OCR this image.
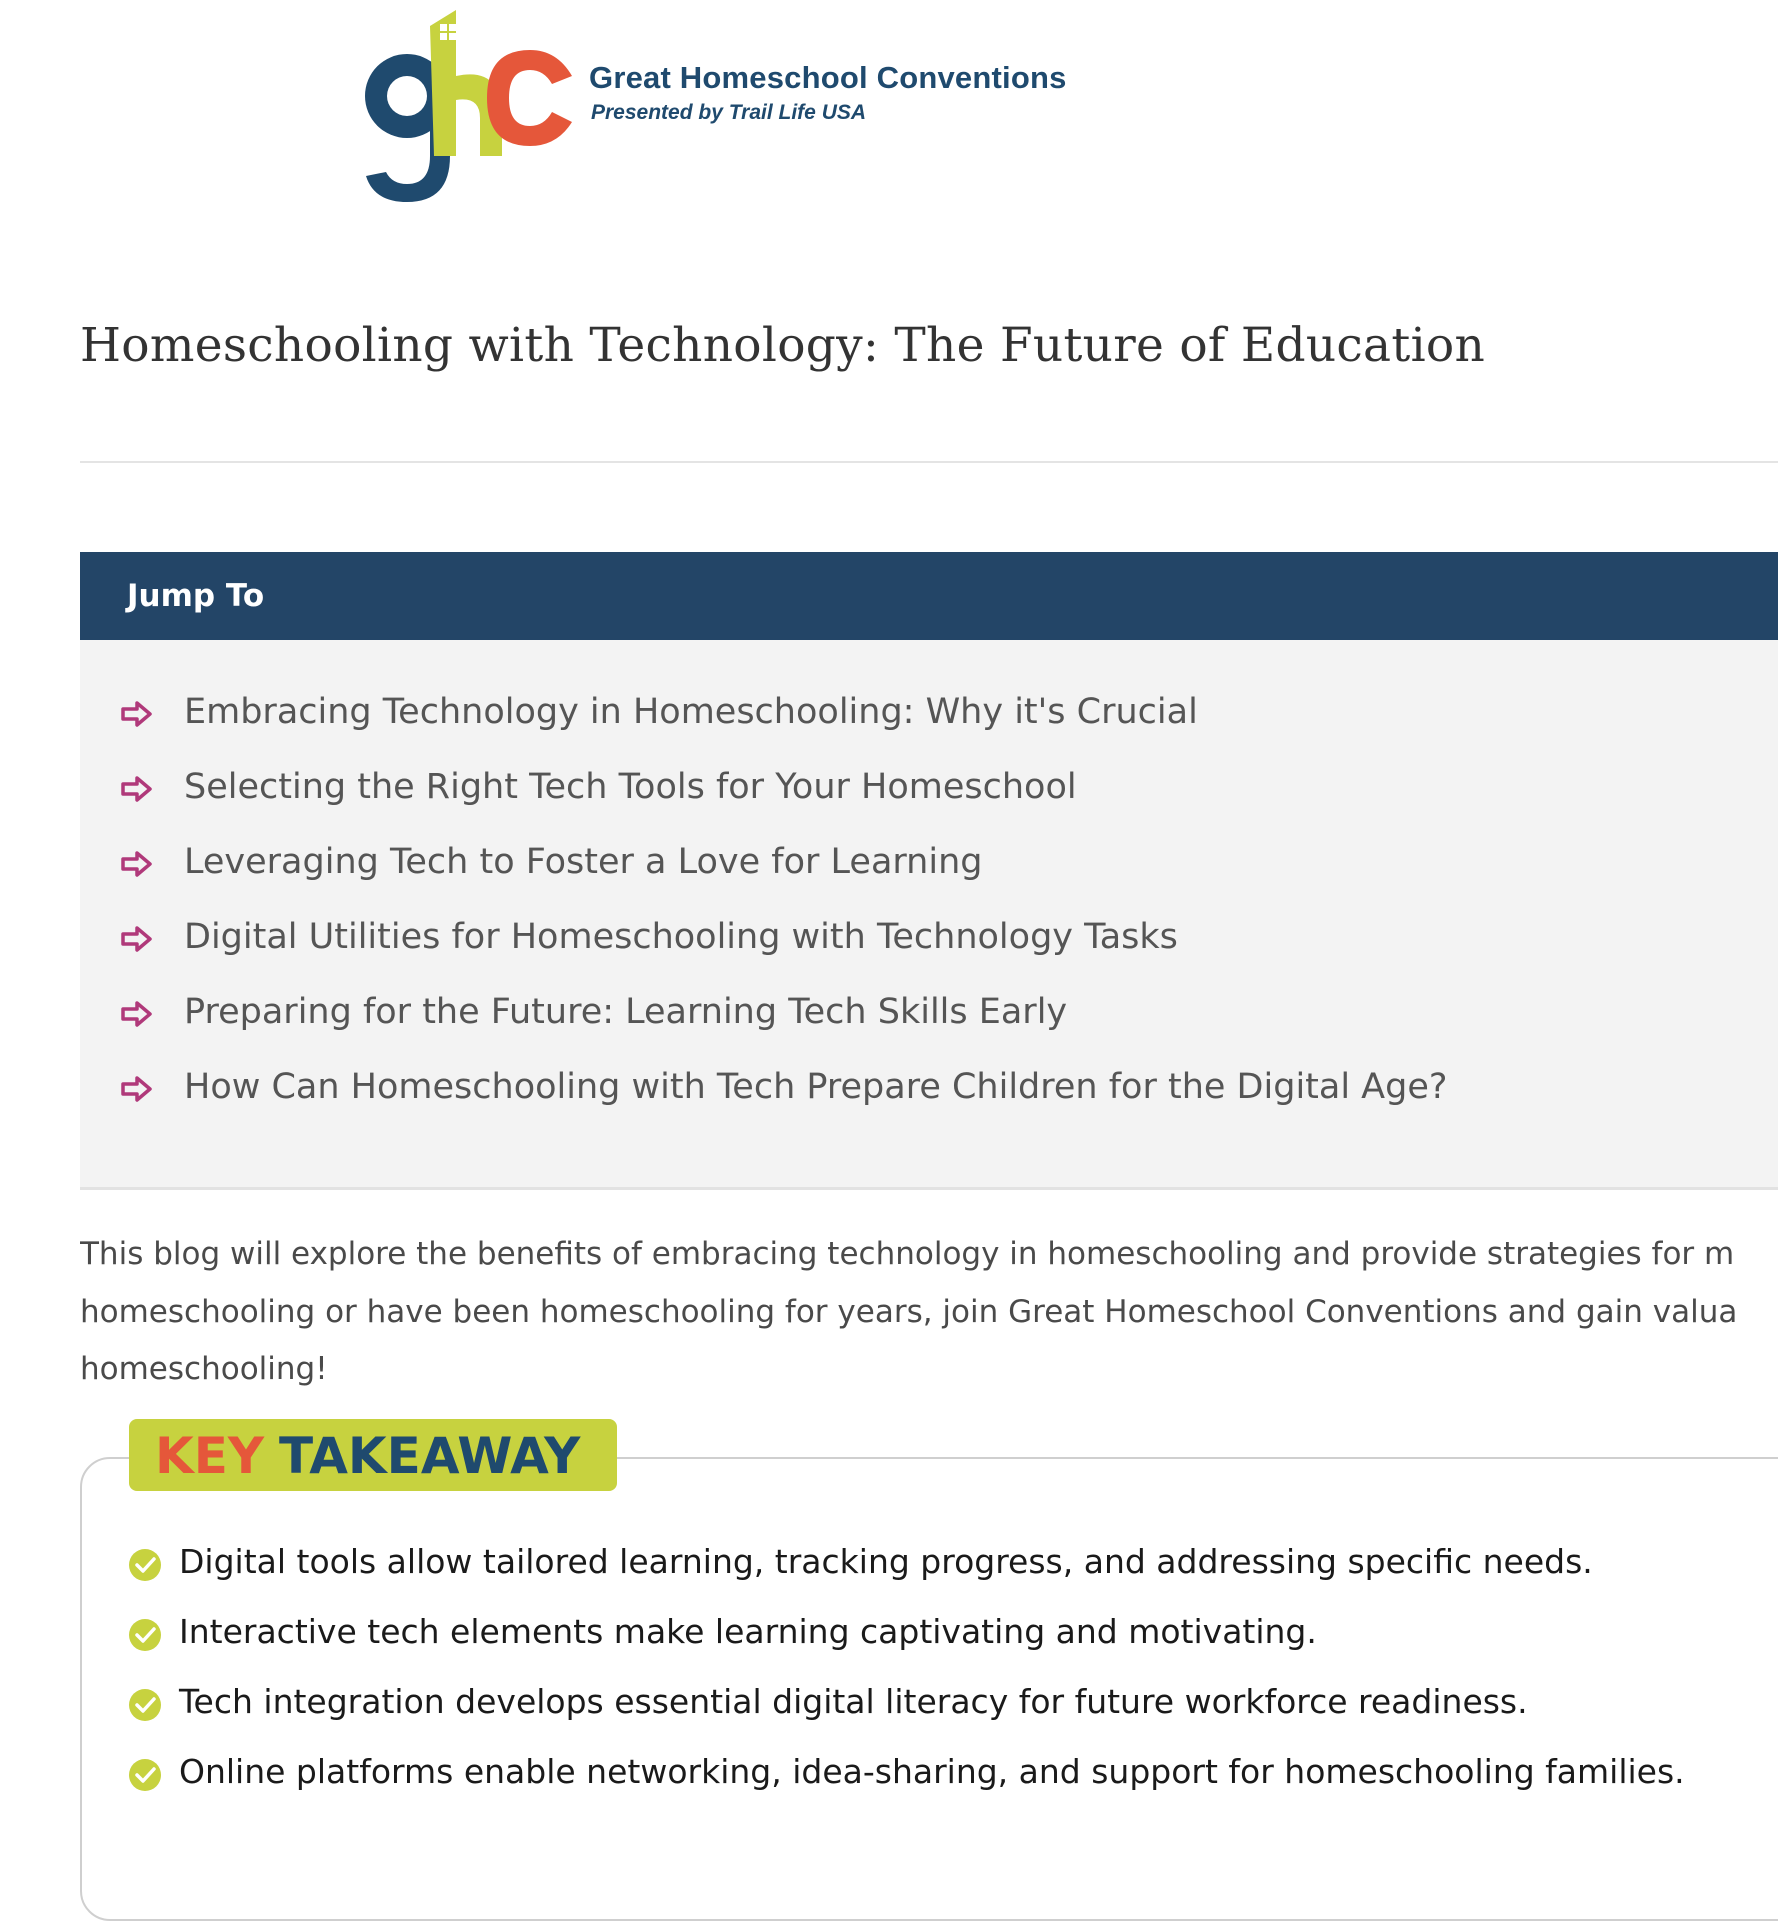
Great Homeschool Conventions
Presented by Trail Life USA
Homeschooling with Technology: The Future of Education
Jump To
Embracing Technology in Homeschooling: Why it's Crucial
Selecting the Right Tech Tools for Your Homeschool
Leveraging Tech to Foster a Love for Learning
Digital Utilities for Homeschooling with Technology Tasks
Preparing for the Future: Learning Tech Skills Early
How Can Homeschooling with Tech Prepare Children for the Digital Age?
This blog will explore the benefits of embracing technology in homeschooling and provide strategies for m
homeschooling or have been homeschooling for years, join Great Homeschool Conventions and gain valua
homeschooling!
KEY TAKEAWAY
Digital tools allow tailored learning, tracking progress, and addressing specific needs.
Interactive tech elements make learning captivating and motivating.
Tech integration develops essential digital literacy for future workforce readiness.
Online platforms enable networking, idea-sharing, and support for homeschooling families.
